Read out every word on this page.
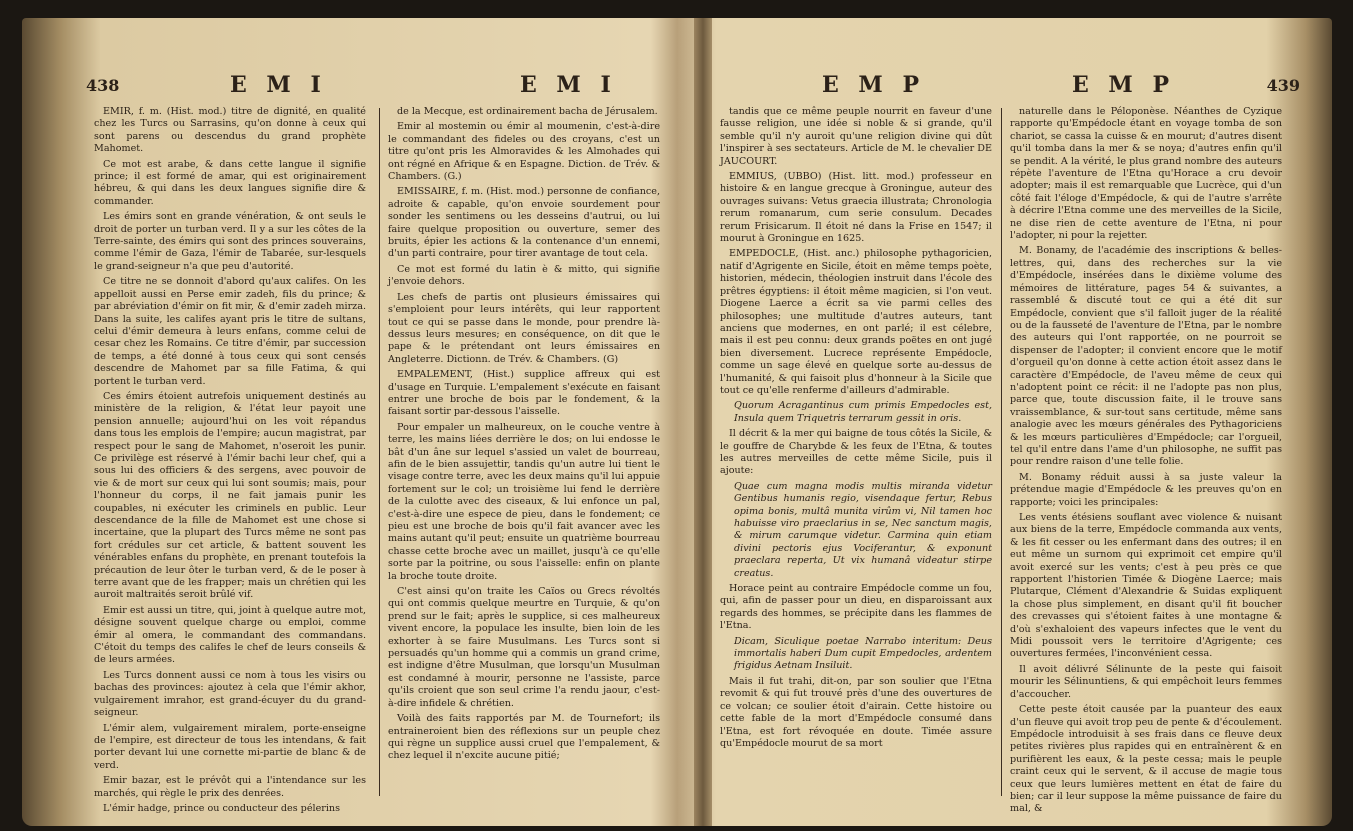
438	E M I	E M I

EMIR, f. m. (Hist. mod.) titre de dignité, en qualité chez les Turcs ou Sarrasins, qu'on donne à ceux qui sont parens ou descendus du grand prophète Mahomet.

Ce mot est arabe, & dans cette langue il signifie prince; il est formé de amar, qui est originairement hébreu, & qui dans les deux langues signifie dire & commander.

Les émirs sont en grande vénération, & ont seuls le droit de porter un turban verd. Il y a sur les côtes de la Terre-sainte, des émirs qui sont des princes souverains, comme l'émir de Gaza, l'émir de Tabarée, sur-lesquels le grand-seigneur n'a que peu d'autorité.

Ce titre ne se donnoit d'abord qu'aux califes. On les appelloit aussi en Perse emir zadeh, fils du prince; & par abréviation d'émir on fit mir, & d'emir zadeh mirza. Dans la suite, les califes ayant pris le titre de sultans, celui d'émir demeura à leurs enfans, comme celui de cesar chez les Romains. Ce titre d'émir, par succession de temps, a été donné à tous ceux qui sont censés descendre de Mahomet par sa fille Fatima, & qui portent le turban verd.

Ces émirs étoient autrefois uniquement destinés au ministère de la religion, & l'état leur payoit une pension annuelle; aujourd'hui on les voit répandus dans tous les emplois de l'empire; aucun magistrat, par respect pour le sang de Mahomet, n'oseroit les punir. Ce privilège est réservé à l'émir bachi leur chef, qui a sous lui des officiers & des sergens, avec pouvoir de vie & de mort sur ceux qui lui sont soumis; mais, pour l'honneur du corps, il ne fait jamais punir les coupables, ni exécuter les criminels en public. Leur descendance de la fille de Mahomet est une chose si incertaine, que la plupart des Turcs même ne sont pas fort crédules sur cet article, & battent souvent les vénérables enfans du prophète, en prenant toutefois la précaution de leur ôter le turban verd, & de le poser à terre avant que de les frapper; mais un chrétien qui les auroit maltraités seroit brûlé vif.

Emir est aussi un titre, qui, joint à quelque autre mot, désigne souvent quelque charge ou emploi, comme émir al omera, le commandant des commandans. C'étoit du temps des califes le chef de leurs conseils & de leurs armées.

Les Turcs donnent aussi ce nom à tous les visirs ou bachas des provinces: ajoutez à cela que l'émir akhor, vulgairement imrahor, est grand-écuyer du du grand-seigneur.

L'émir alem, vulgairement miralem, porte-enseigne de l'empire, est directeur de tous les intendans, & fait porter devant lui une cornette mi-partie de blanc & de verd.

Emir bazar, est le prévôt qui a l'intendance sur les marchés, qui règle le prix des denrées.

L'émir hadge, prince ou conducteur des pélerins

de la Mecque, est ordinairement bacha de Jérusalem.

Emir al mostemin ou émir al moumenin, c'est-à-dire le commandant des fideles ou des croyans, c'est un titre qu'ont pris les Almoravides & les Almohades qui ont régné en Afrique & en Espagne. Diction. de Trév. & Chambers. (G.)

EMISSAIRE, f. m. (Hist. mod.) personne de confiance, adroite & capable, qu'on envoie sourdement pour sonder les sentimens ou les desseins d'autrui, ou lui faire quelque proposition ou ouverture, semer des bruits, épier les actions & la contenance d'un ennemi, d'un parti contraire, pour tirer avantage de tout cela.

Ce mot est formé du latin è & mitto, qui signifie j'envoie dehors.

Les chefs de partis ont plusieurs émissaires qui s'emploient pour leurs intérêts, qui leur rapportent tout ce qui se passe dans le monde, pour prendre là-dessus leurs mesures; en conséquence, on dit que le pape & le prétendant ont leurs émissaires en Angleterre. Dictionn. de Trév. & Chambers. (G)

EMPALEMENT, (Hist.) supplice affreux qui est d'usage en Turquie. L'empalement s'exécute en faisant entrer une broche de bois par le fondement, & la faisant sortir par-dessous l'aisselle.

Pour empaler un malheureux, on le couche ventre à terre, les mains liées derrière le dos; on lui endosse le bât d'un âne sur lequel s'assied un valet de bourreau, afin de le bien assujettir, tandis qu'un autre lui tient le visage contre terre, avec les deux mains qu'il lui appuie fortement sur le col; un troisième lui fend le derrière de la culotte avec des ciseaux, & lui enfonce un pal, c'est-à-dire une espece de pieu, dans le fondement; ce pieu est une broche de bois qu'il fait avancer avec les mains autant qu'il peut; ensuite un quatrième bourreau chasse cette broche avec un maillet, jusqu'à ce qu'elle sorte par la poitrine, ou sous l'aisselle: enfin on plante la broche toute droite.

C'est ainsi qu'on traite les Caïos ou Grecs révoltés qui ont commis quelque meurtre en Turquie, & qu'on prend sur le fait; après le supplice, si ces malheureux vivent encore, la populace les insulte, bien loin de les exhorter à se faire Musulmans. Les Turcs sont si persuadés qu'un homme qui a commis un grand crime, est indigne d'être Musulman, que lorsqu'un Musulman est condamné à mourir, personne ne l'assiste, parce qu'ils croient que son seul crime l'a rendu jaour, c'est-à-dire infidele & chrétien.

Voilà des faits rapportés par M. de Tournefort; ils entraineroient bien des réflexions sur un peuple chez qui règne un supplice aussi cruel que l'empalement, & chez lequel il n'excite aucune pitié;

E M P	E M P	439

tandis que ce même peuple nourrit en faveur d'une fausse religion, une idée si noble & si grande, qu'il semble qu'il n'y auroit qu'une religion divine qui dût l'inspirer à ses sectateurs. Article de M. le chevalier DE JAUCOURT.

EMMIUS, (UBBO) (Hist. litt. mod.) professeur en histoire & en langue grecque à Groningue, auteur des ouvrages suivans: Vetus graecia illustrata; Chronologia rerum romanarum, cum serie consulum. Decades rerum Frisicarum. Il étoit né dans la Frise en 1547; il mourut à Groningue en 1625.

EMPEDOCLE, (Hist. anc.) philosophe pythagoricien, natif d'Agrigente en Sicile, étoit en même temps poète, historien, médecin, théologien instruit dans l'école des prêtres égyptiens: il étoit même magicien, si l'on veut. Diogene Laerce a écrit sa vie parmi celles des philosophes; une multitude d'autres auteurs, tant anciens que modernes, en ont parlé; il est célebre, mais il est peu connu: deux grands poëtes en ont jugé bien diversement. Lucrece représente Empédocle, comme un sage élevé en quelque sorte au-dessus de l'humanité, & qui faisoit plus d'honneur à la Sicile que tout ce qu'elle renferme d'ailleurs d'admirable.

Quorum Acragantinus cum primis Empedocles est, Insula quem Triquetris terrarum gessit in oris.

Il décrit & la mer qui baigne de tous côtés la Sicile, & le gouffre de Charybde & les feux de l'Etna, & toutes les autres merveilles de cette même Sicile, puis il ajoute:

Quae cum magna modis multis miranda videtur Gentibus humanis regio, visendaque fertur, Rebus opima bonis, multâ munita virûm vi, Nil tamen hoc habuisse viro praeclarius in se, Nec sanctum magis, & mirum carumque videtur. Carmina quin etiam divini pectoris ejus Vociferantur, & exponunt praeclara reperta, Ut vix humanâ videatur stirpe creatus.

Horace peint au contraire Empédocle comme un fou, qui, afin de passer pour un dieu, en disparoissant aux regards des hommes, se précipite dans les flammes de l'Etna.

Dicam, Siculique poetae Narrabo interitum: Deus immortalis haberi Dum cupit Empedocles, ardentem frigidus Aetnam Insiluit.

Mais il fut trahi, dit-on, par son soulier que l'Etna revomit & qui fut trouvé près d'une des ouvertures de ce volcan; ce soulier étoit d'airain. Cette histoire ou cette fable de la mort d'Empédocle consumé dans l'Etna, est fort révoquée en doute. Timée assure qu'Empédocle mourut de sa mort

naturelle dans le Péloponèse. Néanthes de Cyzique rapporte qu'Empédocle étant en voyage tomba de son chariot, se cassa la cuisse & en mourut; d'autres disent qu'il tomba dans la mer & se noya; d'autres enfin qu'il se pendit. A la vérité, le plus grand nombre des auteurs répète l'aventure de l'Etna qu'Horace a cru devoir adopter; mais il est remarquable que Lucrèce, qui d'un côté fait l'éloge d'Empédocle, & qui de l'autre s'arrête à décrire l'Etna comme une des merveilles de la Sicile, ne dise rien de cette aventure de l'Etna, ni pour l'adopter, ni pour la rejetter.

M. Bonamy, de l'académie des inscriptions & belles-lettres, qui, dans des recherches sur la vie d'Empédocle, insérées dans le dixième volume des mémoires de littérature, pages 54 & suivantes, a rassemblé & discuté tout ce qui a été dit sur Empédocle, convient que s'il falloit juger de la réalité ou de la fausseté de l'aventure de l'Etna, par le nombre des auteurs qui l'ont rapportée, on ne pourroit se dispenser de l'adopter; il convient encore que le motif d'orgueil qu'on donne à cette action étoit assez dans le caractère d'Empédocle, de l'aveu même de ceux qui n'adoptent point ce récit: il ne l'adopte pas non plus, parce que, toute discussion faite, il le trouve sans vraissemblance, & sur-tout sans certitude, même sans analogie avec les mœurs générales des Pythagoriciens & les mœurs particulières d'Empédocle; car l'orgueil, tel qu'il entre dans l'ame d'un philosophe, ne suffit pas pour rendre raison d'une telle folie.

M. Bonamy réduit aussi à sa juste valeur la prétendue magie d'Empédocle & les preuves qu'on en rapporte; voici les principales:

Les vents étésiens souflant avec violence & nuisant aux biens de la terre, Empédocle commanda aux vents, & les fit cesser ou les enfermant dans des outres; il en eut même un surnom qui exprimoit cet empire qu'il avoit exercé sur les vents; c'est à peu près ce que rapportent l'historien Timée & Diogène Laerce; mais Plutarque, Clément d'Alexandrie & Suidas expliquent la chose plus simplement, en disant qu'il fit boucher des crevasses qui s'étoient faites à une montagne & d'où s'exhaloient des vapeurs infectes que le vent du Midi poussoit vers le territoire d'Agrigente; ces ouvertures fermées, l'inconvénient cessa.

Il avoit délivré Sélinunte de la peste qui faisoit mourir les Sélinuntiens, & qui empêchoit leurs femmes d'accoucher.

Cette peste étoit causée par la puanteur des eaux d'un fleuve qui avoit trop peu de pente & d'écoulement. Empédocle introduisit à ses frais dans ce fleuve deux petites rivières plus rapides qui en entraînèrent & en purifièrent les eaux, & la peste cessa; mais le peuple craint ceux qui le servent, & il accuse de magie tous ceux que leurs lumières mettent en état de faire du bien; car il leur suppose la même puissance de faire du mal, &
